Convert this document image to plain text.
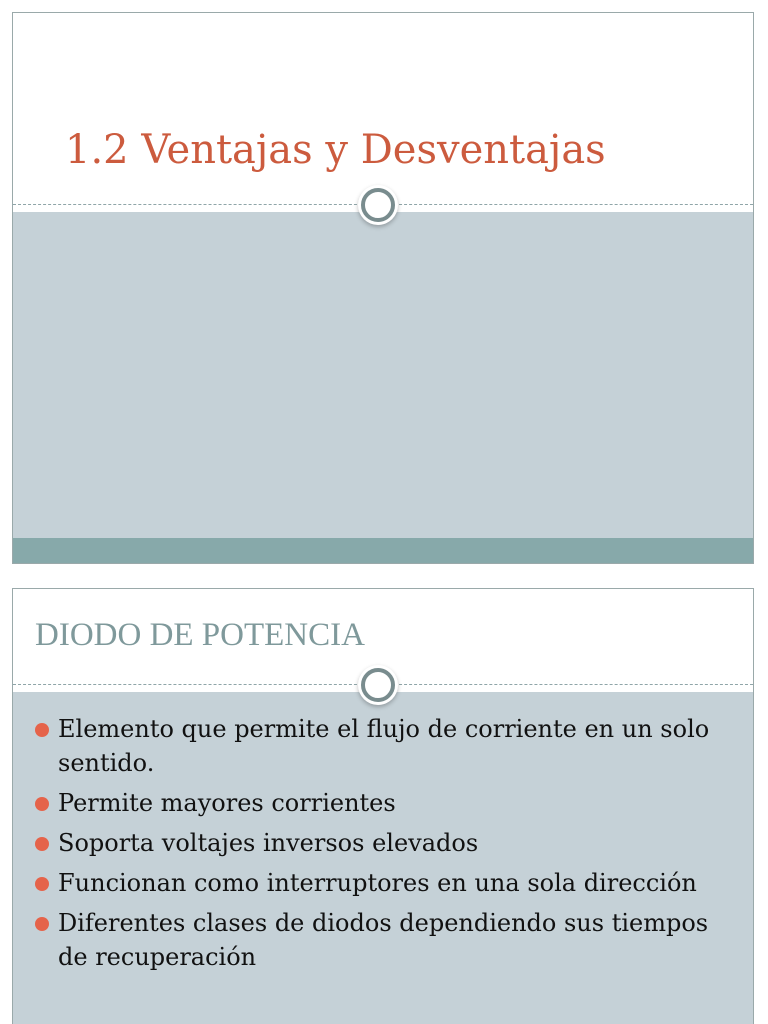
1.2 Ventajas y Desventajas
DIODO DE POTENCIA
Elemento que permite el flujo de corriente en un solo sentido.
Permite mayores corrientes
Soporta voltajes inversos elevados
Funcionan como interruptores en una sola dirección
Diferentes clases de diodos dependiendo sus tiempos de recuperación
